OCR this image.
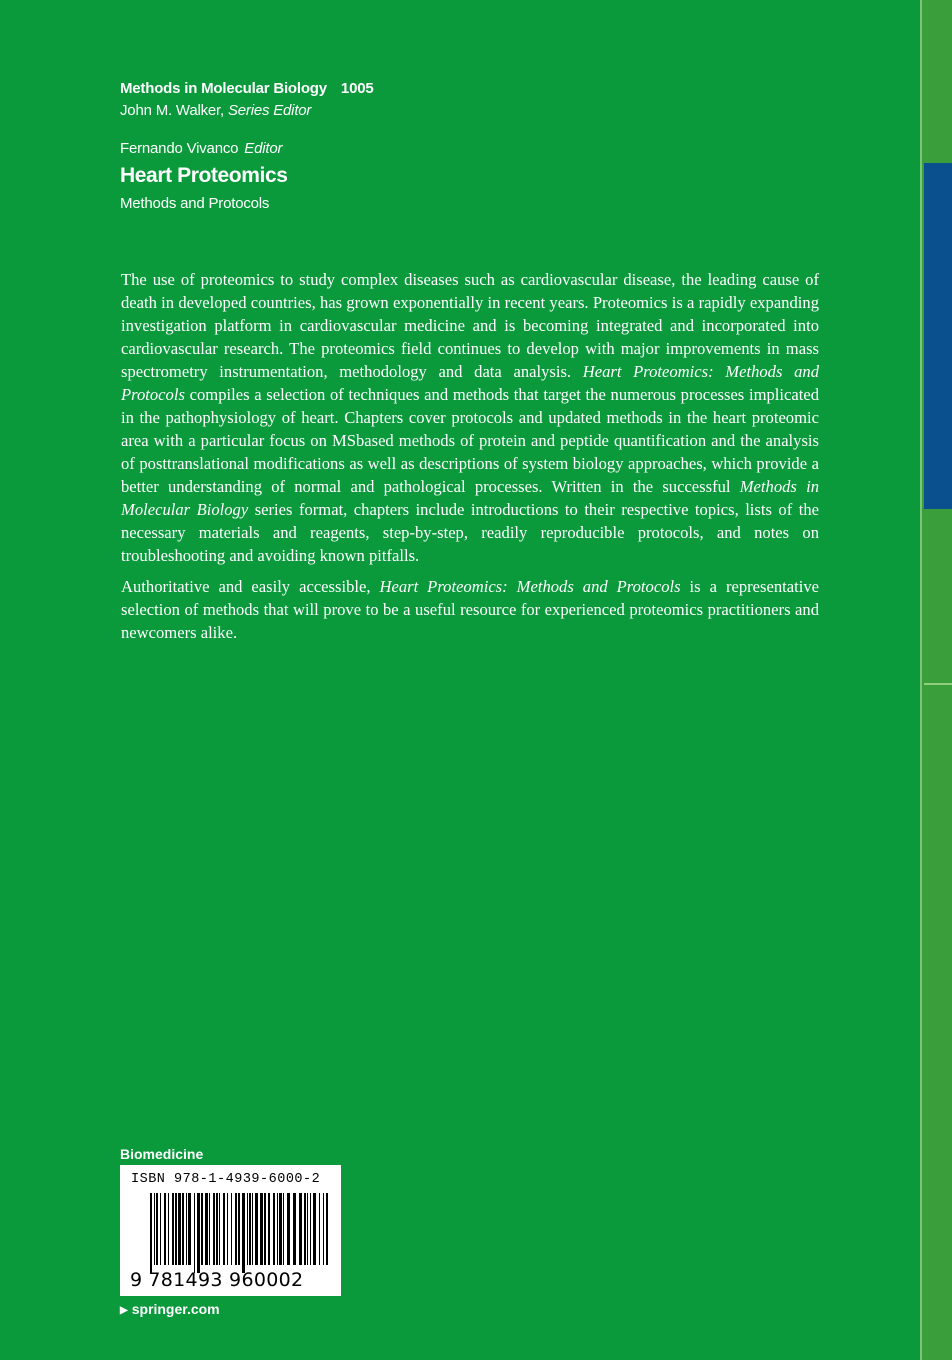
Methods in Molecular Biology 1005
John M. Walker, Series Editor
Fernando Vivanco Editor
Heart Proteomics
Methods and Protocols

The use of proteomics to study complex diseases such as cardiovascular disease, the leading cause of death in developed countries, has grown exponentially in recent years. Proteomics is a rapidly expanding investigation platform in cardiovascular medicine and is becoming integrated and incorporated into cardiovascular research. The proteomics field continues to develop with major improvements in mass spectrometry instrumentation, methodology and data analysis. Heart Proteomics: Methods and Protocols compiles a selection of techniques and methods that target the numerous processes implicated in the pathophysiology of heart. Chapters cover protocols and updated methods in the heart proteomic area with a particular focus on MSbased methods of protein and peptide quantification and the analysis of posttranslational modifications as well as descriptions of system biology approaches, which provide a better understanding of normal and pathological processes. Written in the successful Methods in Molecular Biology series format, chapters include introductions to their respective topics, lists of the necessary materials and reagents, step-by-step, readily reproducible protocols, and notes on troubleshooting and avoiding known pitfalls.

Authoritative and easily accessible, Heart Proteomics: Methods and Protocols is a representative selection of methods that will prove to be a useful resource for experienced proteomics practitioners and newcomers alike.

Biomedicine
ISBN 978-1-4939-6000-2
9 781493 960002
▶ springer.com
